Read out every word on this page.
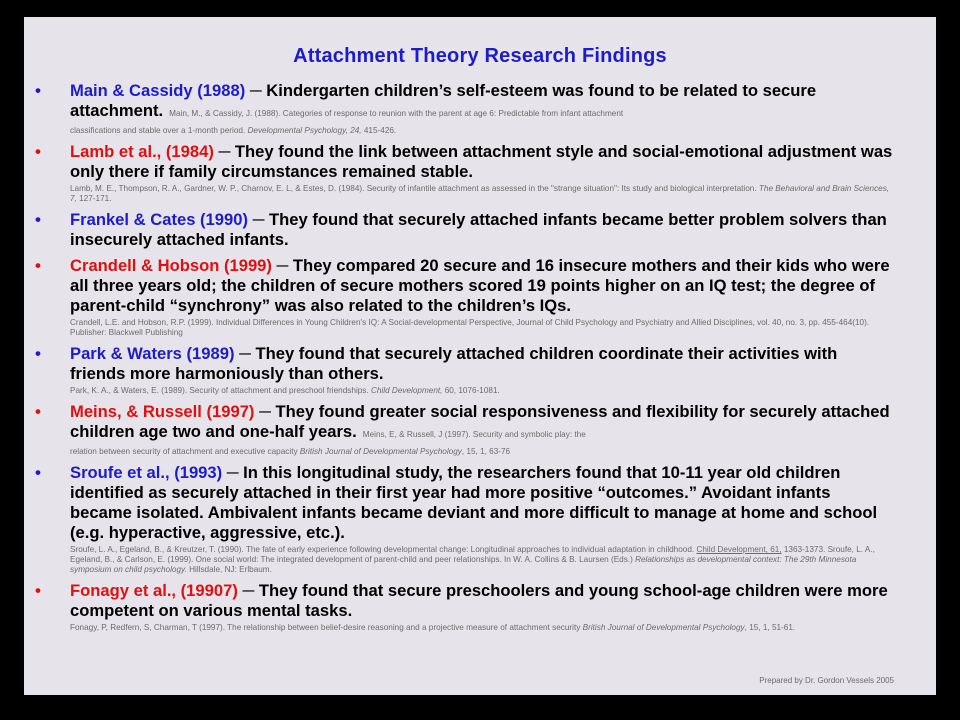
Attachment Theory Research Findings
• Main & Cassidy (1988) ─ Kindergarten children’s self-esteem was found to be related to secure attachment. Main, M., & Cassidy, J. (1988). Categories of response to reunion with the parent at age 6: Predictable from infant attachment
classifications and stable over a 1-month period. Developmental Psychology, 24, 415-426.
• Lamb et al., (1984) ─ They found the link between attachment style and social-emotional adjustment was only there if family circumstances remained stable.
Lamb, M. E., Thompson, R. A., Gardner, W. P., Charnov, E. L, & Estes, D. (1984). Security of infantile attachment as assessed in the "strange situation": Its study and biological interpretation. The Behavioral and Brain Sciences, 7, 127-171.
• Frankel & Cates (1990) ─ They found that securely attached infants became better problem solvers than insecurely attached infants.
• Crandell & Hobson (1999) ─ They compared 20 secure and 16 insecure mothers and their kids who were all three years old; the children of secure mothers scored 19 points higher on an IQ test; the degree of parent-child “synchrony” was also related to the children’s IQs.
Crandell, L.E. and Hobson, R.P. (1999). Individual Differences in Young Children's IQ: A Social-developmental Perspective, Journal of Child Psychology and Psychiatry and Allied Disciplines, vol. 40, no. 3, pp. 455-464(10). Publisher: Blackwell Publishing
• Park & Waters (1989) ─ They found that securely attached children coordinate their activities with friends more harmoniously than others.
Park, K. A., & Waters, E. (1989). Security of attachment and preschool friendships. Child Development, 60, 1076-1081.
• Meins, & Russell (1997) ─ They found greater social responsiveness and flexibility for securely attached children age two and one-half years. Meins, E, & Russell, J (1997). Security and symbolic play: the
relation between security of attachment and executive capacity British Journal of Developmental Psychology, 15, 1, 63-76
• Sroufe et al., (1993) ─ In this longitudinal study, the researchers found that 10-11 year old children identified as securely attached in their first year had more positive “outcomes.” Avoidant infants became isolated. Ambivalent infants became deviant and more difficult to manage at home and school (e.g. hyperactive, aggressive, etc.).
Sroufe, L. A., Egeland, B., & Kreutzer, T. (1990). The fate of early experience following developmental change: Longitudinal approaches to individual adaptation in childhood. Child Development, 61, 1363-1373. Sroufe, L. A., Egeland, B., & Carlson, E. (1999). One social world: The integrated development of parent-child and peer relationships. In W. A. Collins & B. Laursen (Eds.) Relationships as developmental context: The 29th Minnesota symposium on child psychology. Hillsdale, NJ: Erlbaum.
• Fonagy et al., (19907) ─ They found that secure preschoolers and young school-age children were more competent on various mental tasks.
Fonagy, P, Redfern, S, Charman, T (1997). The relationship between belief-desire reasoning and a projective measure of attachment security British Journal of Developmental Psychology, 15, 1, 51-61.
Prepared by Dr. Gordon Vessels 2005
